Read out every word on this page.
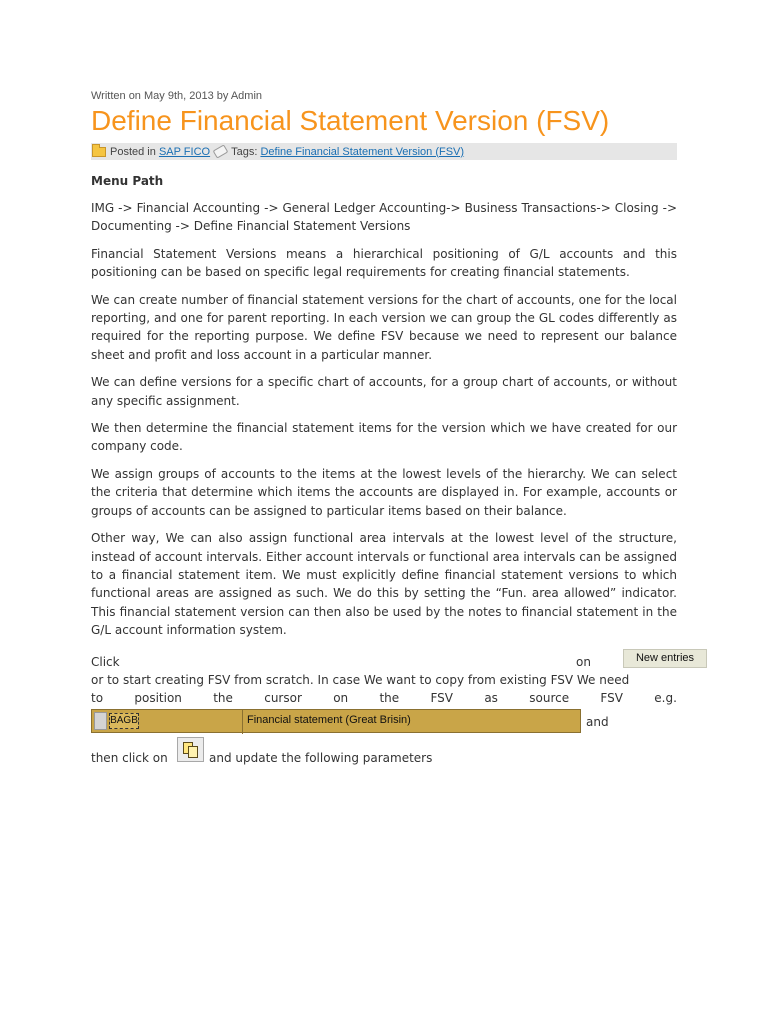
Written on May 9th, 2013 by Admin

Define Financial Statement Version (FSV)
Posted in
SAP FICO Tags:
Define Financial Statement Version (FSV)
Menu Path

IMG -> Financial Accounting -> General Ledger Accounting-> Business Transactions-> Closing -> Documenting -> Define Financial Statement Versions

Financial Statement Versions means a hierarchical positioning of G/L accounts and this positioning can be based on specific legal requirements for creating financial statements.

We can create number of financial statement versions for the chart of accounts, one for the local reporting, and one for parent reporting. In each version we can group the GL codes differently as required for the reporting purpose. We define FSV because we need to represent our balance sheet and profit and loss account in a particular manner.

We can define versions for a specific chart of accounts, for a group chart of accounts, or without any specific assignment.

We then determine the financial statement items for the version which we have created for our company code.

We assign groups of accounts to the items at the lowest levels of the hierarchy. We can select the criteria that determine which items the accounts are displayed in. For example, accounts or groups of accounts can be assigned to particular items based on their balance.

Other way, We can also assign functional area intervals at the lowest level of the structure, instead of account intervals. Either account intervals or functional area intervals can be assigned to a financial statement item. We must explicitly define financial statement versions to which functional areas are assigned as such. We do this by setting the “Fun. area allowed” indicator. This financial statement version can then also be used by the notes to financial statement in the G/L account information system.

Click	on	New entries

or to start creating FSV from scratch. In case We want to copy from existing FSV We need

to	position	the	cursor	on	the	FSV	as	source	FSV	e.g.
BAGB	Financial statement (Great Brisin)	and
then click on	and update the following parameters
